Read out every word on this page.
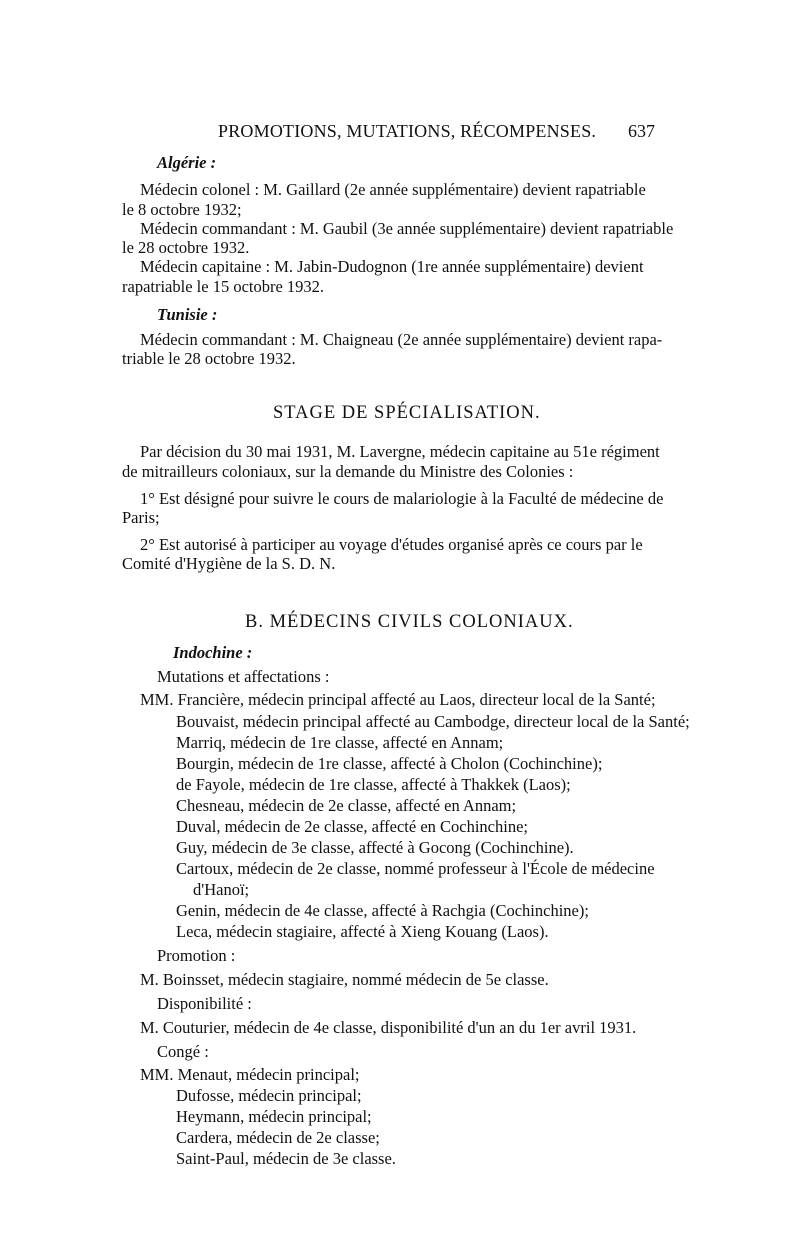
PROMOTIONS, MUTATIONS, RÉCOMPENSES. 637
Algérie :
Médecin colonel : M. Gaillard (2e année supplémentaire) devient rapatriable
le 8 octobre 1932;
Médecin commandant : M. Gaubil (3e année supplémentaire) devient rapatriable
le 28 octobre 1932.
Médecin capitaine : M. Jabin-Dudognon (1re année supplémentaire) devient
rapatriable le 15 octobre 1932.
Tunisie :
Médecin commandant : M. Chaigneau (2e année supplémentaire) devient rapa-
triable le 28 octobre 1932.
STAGE DE SPÉCIALISATION.
Par décision du 30 mai 1931, M. Lavergne, médecin capitaine au 51e régiment
de mitrailleurs coloniaux, sur la demande du Ministre des Colonies :
1° Est désigné pour suivre le cours de malariologie à la Faculté de médecine de
Paris;
2° Est autorisé à participer au voyage d'études organisé après ce cours par le
Comité d'Hygiène de la S. D. N.
B. MÉDECINS CIVILS COLONIAUX.
Indochine :
Mutations et affectations :
MM. Francière, médecin principal affecté au Laos, directeur local de la Santé;
Bouvaist, médecin principal affecté au Cambodge, directeur local de la Santé;
Marriq, médecin de 1re classe, affecté en Annam;
Bourgin, médecin de 1re classe, affecté à Cholon (Cochinchine);
de Fayole, médecin de 1re classe, affecté à Thakkek (Laos);
Chesneau, médecin de 2e classe, affecté en Annam;
Duval, médecin de 2e classe, affecté en Cochinchine;
Guy, médecin de 3e classe, affecté à Gocong (Cochinchine).
Cartoux, médecin de 2e classe, nommé professeur à l'École de médecine
d'Hanoï;
Genin, médecin de 4e classe, affecté à Rachgia (Cochinchine);
Leca, médecin stagiaire, affecté à Xieng Kouang (Laos).
Promotion :
M. Boinsset, médecin stagiaire, nommé médecin de 5e classe.
Disponibilité :
M. Couturier, médecin de 4e classe, disponibilité d'un an du 1er avril 1931.
Congé :
MM. Menaut, médecin principal;
Dufosse, médecin principal;
Heymann, médecin principal;
Cardera, médecin de 2e classe;
Saint-Paul, médecin de 3e classe.
